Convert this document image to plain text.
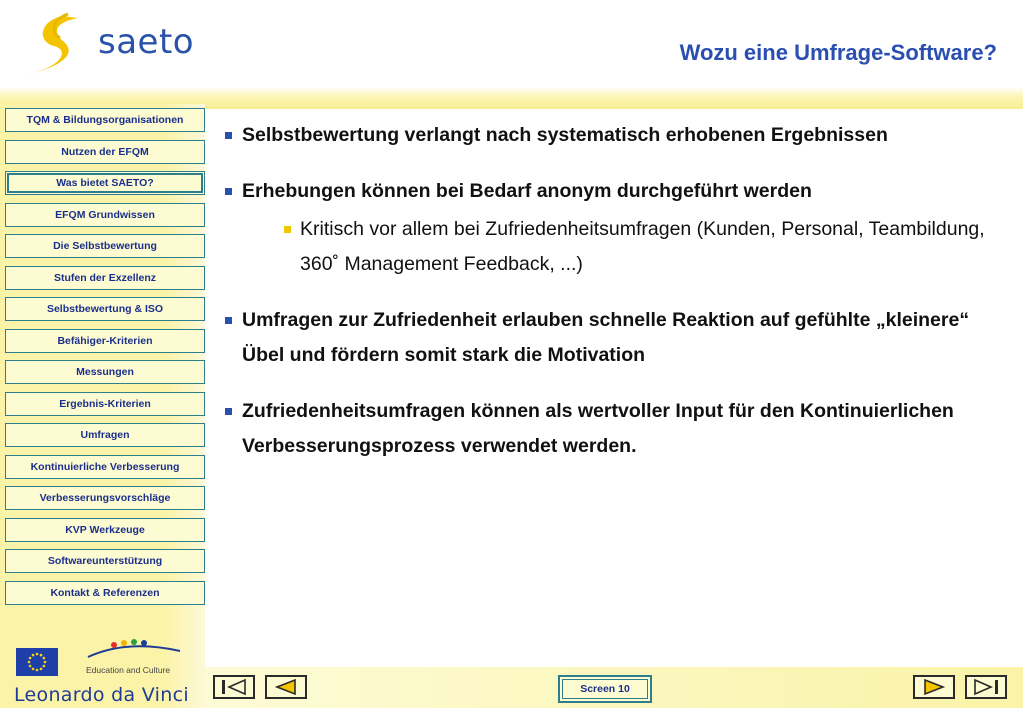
saeto	Wozu eine Umfrage-Software?
TQM & Bildungsorganisationen
Nutzen der EFQM
Was bietet SAETO?
EFQM Grundwissen
Die Selbstbewertung
Stufen der Exzellenz
Selbstbewertung & ISO
Befähiger-Kriterien
Messungen
Ergebnis-Kriterien
Umfragen
Kontinuierliche Verbesserung
Verbesserungsvorschläge
KVP Werkzeuge
Softwareunterstützung
Kontakt & Referenzen
Education and Culture
Leonardo da Vinci
Selbstbewertung verlangt nach systematisch erhobenen Ergebnissen
Erhebungen können bei Bedarf anonym durchgeführt werden
Kritisch vor allem bei Zufriedenheitsumfragen (Kunden, Personal, Teambildung, 360˚ Management Feedback, ...)
Umfragen zur Zufriedenheit erlauben schnelle Reaktion auf gefühlte „kleinere“ Übel und fördern somit stark die Motivation
Zufriedenheitsumfragen können als wertvoller Input für den Kontinuierlichen Verbesserungsprozess verwendet werden.
Screen 10
